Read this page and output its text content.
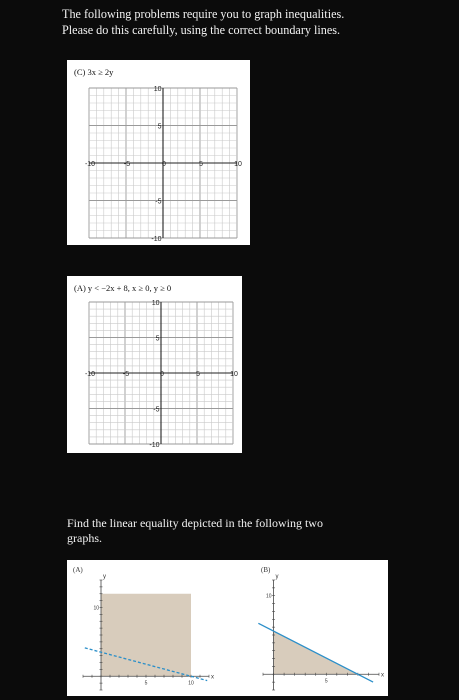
The following problems require you to graph inequalities.

Please do this carefully, using the correct boundary lines.

(C) 3x ≥ 2y
-10	-5	0	5	10
10
5
-5
-10
(A) y < −2x + 8, x ≥ 0, y ≥ 0
-10	-5	0	5	10
10
5
-5
-10

Find the linear equality depicted in the following two

graphs.

(A)	(B)
y
x
10
5	10
y
x
10
5
